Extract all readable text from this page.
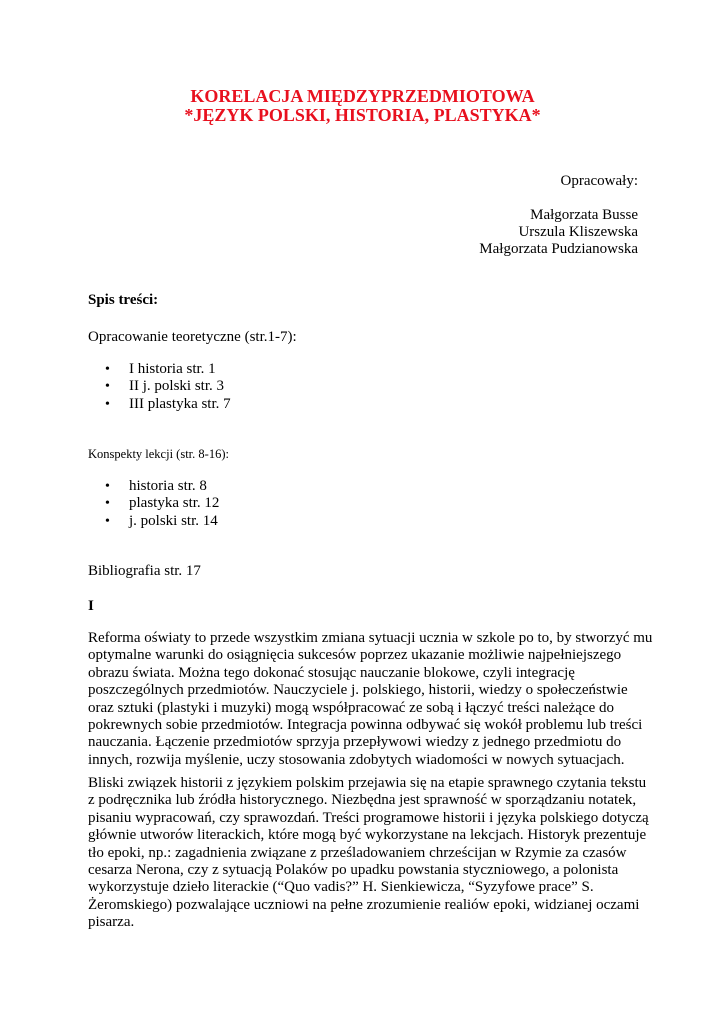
KORELACJA MIĘDZYPRZEDMIOTOWA
*JĘZYK POLSKI, HISTORIA, PLASTYKA*
Opracowały:
Małgorzata Busse
Urszula Kliszewska
Małgorzata Pudzianowska
Spis treści:
Opracowanie teoretyczne (str.1-7):
• I historia str. 1
• II j. polski str. 3
• III plastyka str. 7
Konspekty lekcji (str. 8-16):
• historia str. 8
• plastyka str. 12
• j. polski str. 14
Bibliografia str. 17
I
Reforma oświaty to przede wszystkim zmiana sytuacji ucznia w szkole po to, by stworzyć mu
optymalne warunki do osiągnięcia sukcesów poprzez ukazanie możliwie najpełniejszego
obrazu świata. Można tego dokonać stosując nauczanie blokowe, czyli integrację
poszczególnych przedmiotów. Nauczyciele j. polskiego, historii, wiedzy o społeczeństwie
oraz sztuki (plastyki i muzyki) mogą współpracować ze sobą i łączyć treści należące do
pokrewnych sobie przedmiotów. Integracja powinna odbywać się wokół problemu lub treści
nauczania. Łączenie przedmiotów sprzyja przepływowi wiedzy z jednego przedmiotu do
innych, rozwija myślenie, uczy stosowania zdobytych wiadomości w nowych sytuacjach.
Bliski związek historii z językiem polskim przejawia się na etapie sprawnego czytania tekstu
z podręcznika lub źródła historycznego. Niezbędna jest sprawność w sporządzaniu notatek,
pisaniu wypracowań, czy sprawozdań. Treści programowe historii i języka polskiego dotyczą
głównie utworów literackich, które mogą być wykorzystane na lekcjach. Historyk prezentuje
tło epoki, np.: zagadnienia związane z prześladowaniem chrześcijan w Rzymie za czasów
cesarza Nerona, czy z sytuacją Polaków po upadku powstania styczniowego, a polonista
wykorzystuje dzieło literackie (“Quo vadis?” H. Sienkiewicza, “Syzyfowe prace” S.
Żeromskiego) pozwalające uczniowi na pełne zrozumienie realiów epoki, widzianej oczami
pisarza.
